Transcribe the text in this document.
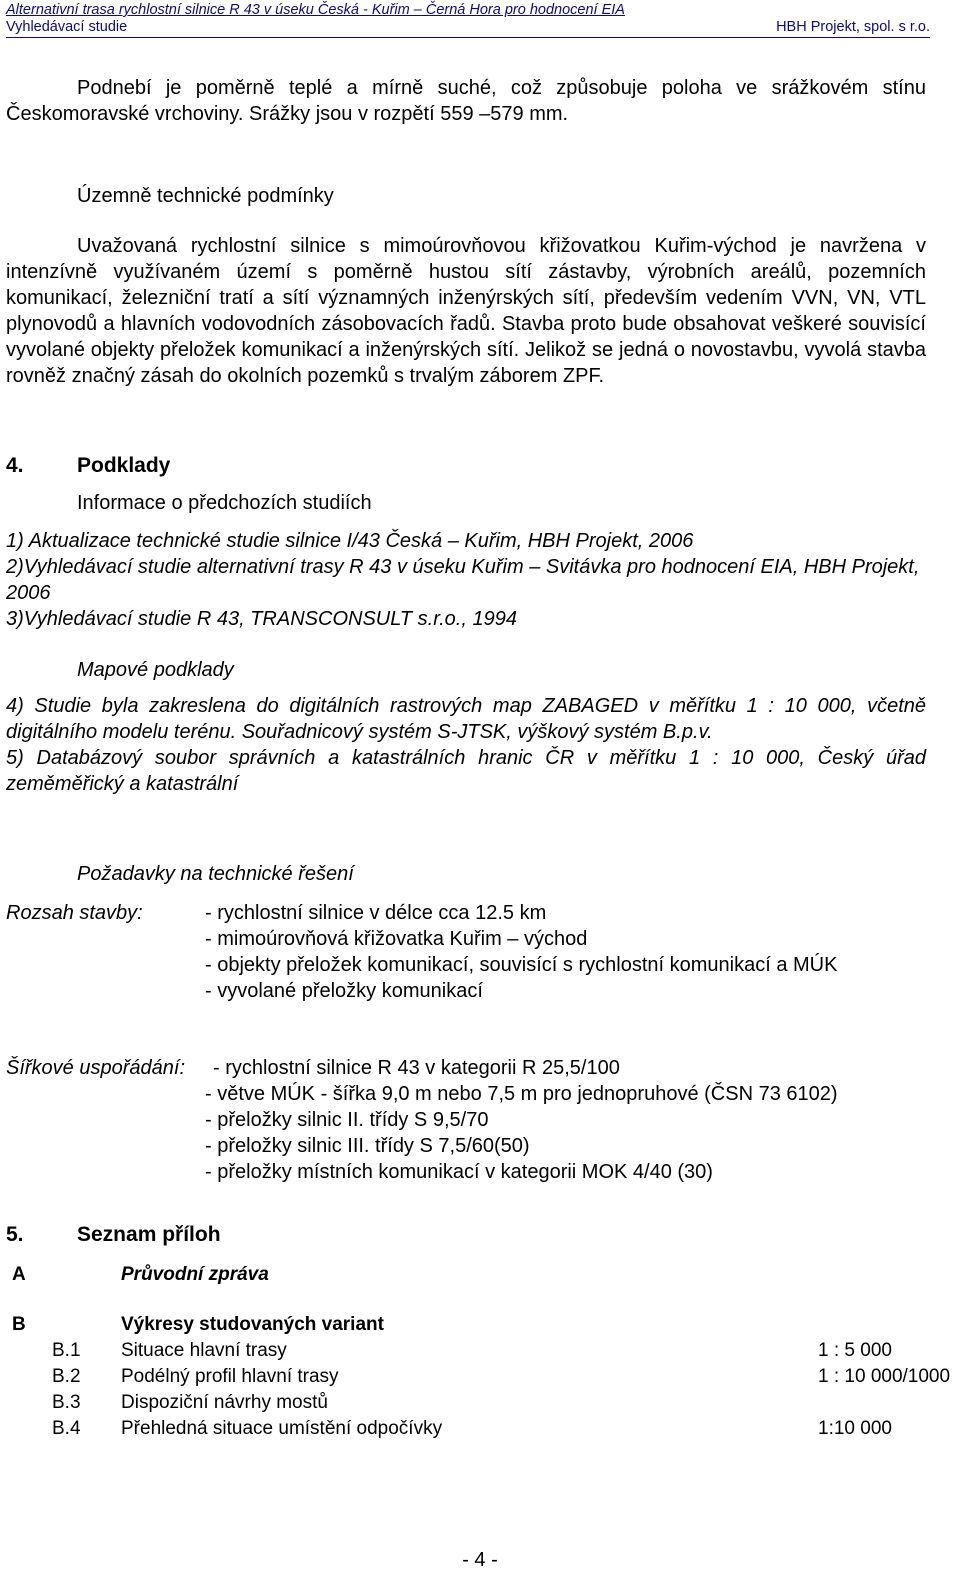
Alternativní trasa rychlostní silnice R 43 v úseku Česká - Kuřim – Černá Hora pro hodnocení EIA
Vyhledávací studie	HBH Projekt, spol. s r.o.
Podnebí je poměrně teplé a mírně suché, což způsobuje poloha ve srážkovém stínu Českomoravské vrchoviny. Srážky jsou v rozpětí 559 –579 mm.
Územně technické podmínky
Uvažovaná rychlostní silnice s mimoúrovňovou křižovatkou Kuřim-východ je navržena v intenzívně využívaném území s poměrně hustou sítí zástavby, výrobních areálů, pozemních komunikací, železniční tratí a sítí významných inženýrských sítí, především vedením VVN, VN, VTL plynovodů a hlavních vodovodních zásobovacích řadů. Stavba proto bude obsahovat veškeré souvisící vyvolané objekty přeložek komunikací a inženýrských sítí. Jelikož se jedná o novostavbu, vyvolá stavba rovněž značný zásah do okolních pozemků s trvalým záborem ZPF.
4.	Podklady
Informace o předchozích studiích
1) Aktualizace technické studie silnice I/43 Česká – Kuřim, HBH Projekt, 2006
2)Vyhledávací studie alternativní trasy R 43 v úseku Kuřim – Svitávka pro hodnocení EIA, HBH Projekt, 2006
3)Vyhledávací studie R 43, TRANSCONSULT s.r.o., 1994
Mapové podklady
4) Studie byla zakreslena do digitálních rastrových map ZABAGED v měřítku 1 : 10 000, včetně digitálního modelu terénu. Souřadnicový systém S-JTSK, výškový systém B.p.v.
5) Databázový soubor správních a katastrálních hranic ČR v měřítku 1 : 10 000, Český úřad zeměměřický a katastrální
Požadavky na technické řešení
Rozsah stavby:	- rychlostní silnice v délce cca 12.5 km
- mimoúrovňová křižovatka Kuřim – východ
- objekty přeložek komunikací, souvisící s rychlostní komunikací a MÚK
- vyvolané přeložky komunikací
Šířkové uspořádání: - rychlostní silnice R 43 v kategorii R 25,5/100
- větve MÚK - šířka 9,0 m nebo 7,5 m pro jednopruhové (ČSN 73 6102)
- přeložky silnic II. třídy S 9,5/70
- přeložky silnic III. třídy S 7,5/60(50)
- přeložky místních komunikací v kategorii MOK 4/40 (30)
5.	Seznam příloh
A	Průvodní zpráva
B	Výkresy studovaných variant
B.1 Situace hlavní trasy	1 : 5 000
B.2 Podélný profil hlavní trasy	1 : 10 000/1000
B.3 Dispoziční návrhy mostů
B.4 Přehledná situace umístění odpočívky	1:10 000
- 4 -
